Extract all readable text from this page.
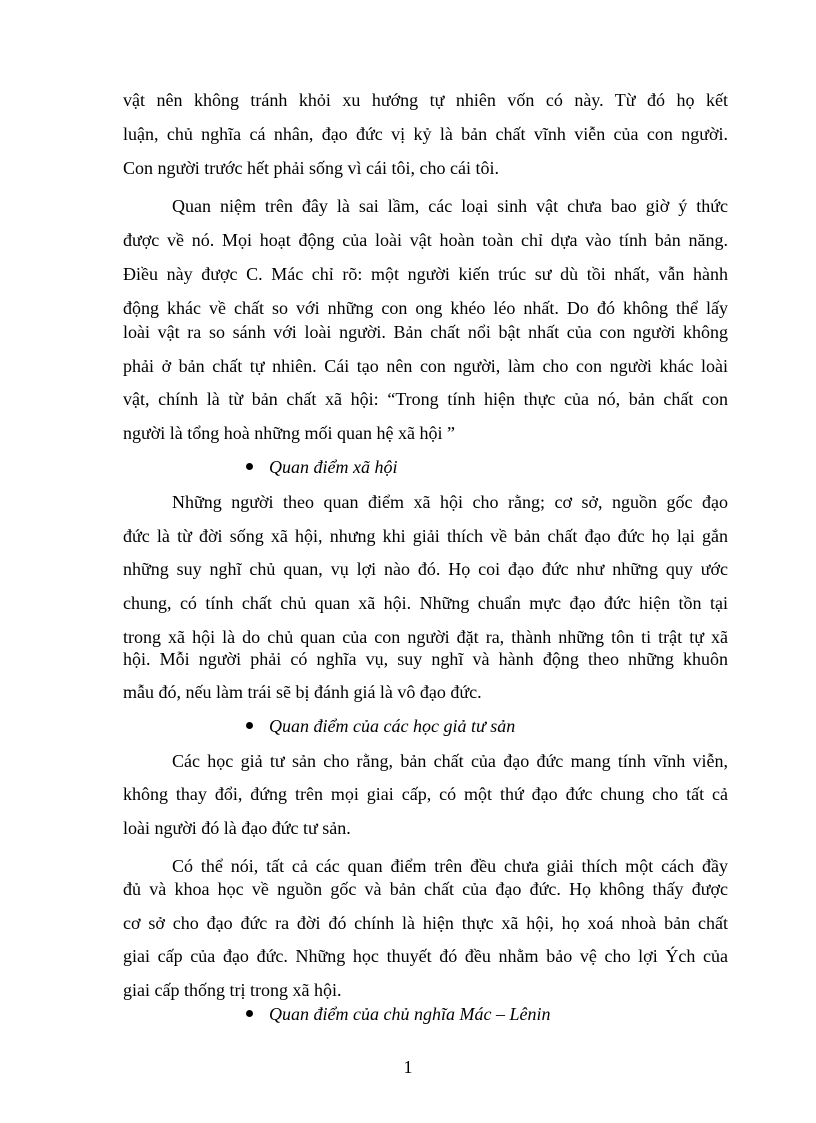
vật nên không tránh khỏi xu hướng tự nhiên vốn có này. Từ đó họ kết
luận, chủ nghĩa cá nhân, đạo đức vị kỷ là bản chất vĩnh viễn của con người.
Con người trước hết phải sống vì cái tôi, cho cái tôi.
Quan niệm trên đây là sai lầm, các loại sinh vật chưa bao giờ ý thức
được về nó. Mọi hoạt động của loài vật hoàn toàn chỉ dựa vào tính bản năng.
Điều này được C. Mác chỉ rõ: một người kiến trúc sư dù tồi nhất, vẫn hành
động khác về chất so với những con ong khéo léo nhất. Do đó không thể lấy
loài vật ra so sánh với loài người. Bản chất nổi bật nhất của con người không
phải ở bản chất tự nhiên. Cái tạo nên con người, làm cho con người khác loài
vật, chính là từ bản chất xã hội: “Trong tính hiện thực của nó, bản chất con
người là tổng hoà những mối quan hệ xã hội ”
Quan điểm xã hội
Những người theo quan điểm xã hội cho rằng; cơ sở, nguồn gốc đạo
đức là từ đời sống xã hội, nhưng khi giải thích về bản chất đạo đức họ lại gắn
những suy nghĩ chủ quan, vụ lợi nào đó. Họ coi đạo đức như những quy ước
chung, có tính chất chủ quan xã hội. Những chuẩn mực đạo đức hiện tồn tại
trong xã hội là do chủ quan của con người đặt ra, thành những tôn ti trật tự xã
hội. Mỗi người phải có nghĩa vụ, suy nghĩ và hành động theo những khuôn
mẫu đó, nếu làm trái sẽ bị đánh giá là vô đạo đức.
Quan điểm của các học giả tư sản
Các học giả tư sản cho rằng, bản chất của đạo đức mang tính vĩnh viễn,
không thay đổi, đứng trên mọi giai cấp, có một thứ đạo đức chung cho tất cả
loài người đó là đạo đức tư sản.
Có thể nói, tất cả các quan điểm trên đều chưa giải thích một cách đầy
đủ và khoa học về nguồn gốc và bản chất của đạo đức. Họ không thấy được
cơ sở cho đạo đức ra đời đó chính là hiện thực xã hội, họ xoá nhoà bản chất
giai cấp của đạo đức. Những học thuyết đó đều nhằm bảo vệ cho lợi Ých của
giai cấp thống trị trong xã hội.
Quan điểm của chủ nghĩa Mác – Lênin
1
